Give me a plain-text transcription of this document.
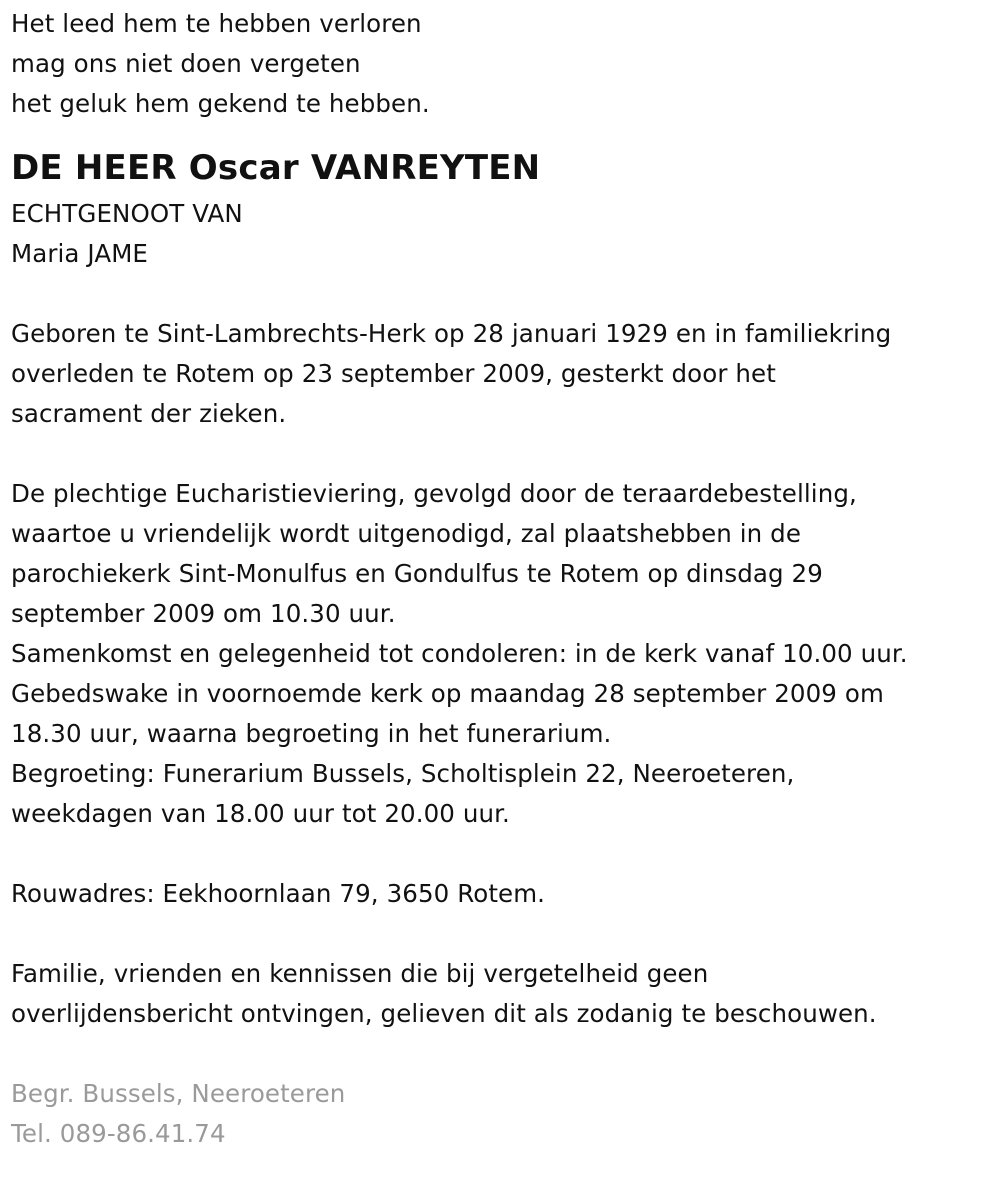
Het leed hem te hebben verloren
mag ons niet doen vergeten
het geluk hem gekend te hebben.
DE HEER Oscar VANREYTEN
ECHTGENOOT VAN
Maria JAME
Geboren te Sint-Lambrechts-Herk op 28 januari 1929 en in familiekring
overleden te Rotem op 23 september 2009, gesterkt door het
sacrament der zieken.
De plechtige Eucharistieviering, gevolgd door de teraardebestelling,
waartoe u vriendelijk wordt uitgenodigd, zal plaatshebben in de
parochiekerk Sint-Monulfus en Gondulfus te Rotem op dinsdag 29
september 2009 om 10.30 uur.
Samenkomst en gelegenheid tot condoleren: in de kerk vanaf 10.00 uur.
Gebedswake in voornoemde kerk op maandag 28 september 2009 om
18.30 uur, waarna begroeting in het funerarium.
Begroeting: Funerarium Bussels, Scholtisplein 22, Neeroeteren,
weekdagen van 18.00 uur tot 20.00 uur.
Rouwadres: Eekhoornlaan 79, 3650 Rotem.
Familie, vrienden en kennissen die bij vergetelheid geen
overlijdensbericht ontvingen, gelieven dit als zodanig te beschouwen.
Begr. Bussels, Neeroeteren
Tel. 089-86.41.74
